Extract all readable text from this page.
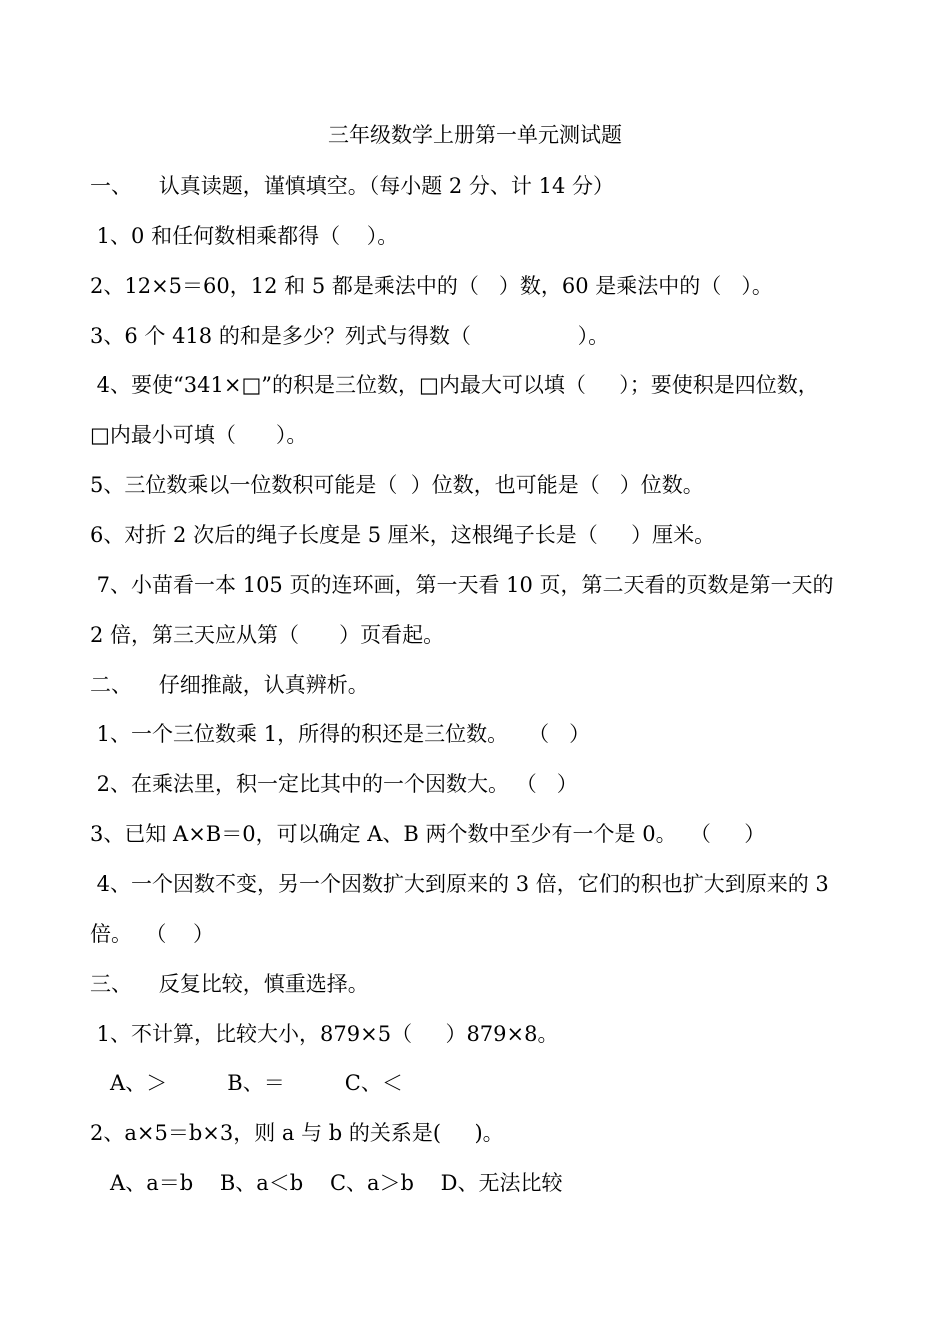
三年级数学上册第一单元测试题
一、    认真读题，谨慎填空。（每小题 2 分、计 14 分）
1、0 和任何数相乘都得（    ）。
2、12×5＝60，12 和 5 都是乘法中的（   ）数，60 是乘法中的（   ）。
3、6 个 418 的和是多少？列式与得数（                ）。
4、要使“341×□”的积是三位数，□内最大可以填（     ）；要使积是四位数，
□内最小可填（      ）。
5、三位数乘以一位数积可能是（  ）位数，也可能是（   ）位数。
6、对折 2 次后的绳子长度是 5 厘米，这根绳子长是（     ）厘米。
7、小苗看一本 105 页的连环画，第一天看 10 页，第二天看的页数是第一天的
2 倍，第三天应从第（      ）页看起。
二、    仔细推敲，认真辨析。
1、一个三位数乘 1，所得的积还是三位数。   （   ）
2、在乘法里，积一定比其中的一个因数大。 （   ）
3、已知 A×B＝0，可以确定 A、B 两个数中至少有一个是 0。  （     ）
4、一个因数不变，另一个因数扩大到原来的 3 倍，它们的积也扩大到原来的 3
倍。  （    ）
三、    反复比较，慎重选择。
1、不计算，比较大小，879×5（     ）879×8。
A、＞         B、＝         C、＜
2、a×5＝b×3，则 a 与 b 的关系是(     )。
A、a＝b    B、a＜b    C、a＞b    D、无法比较
